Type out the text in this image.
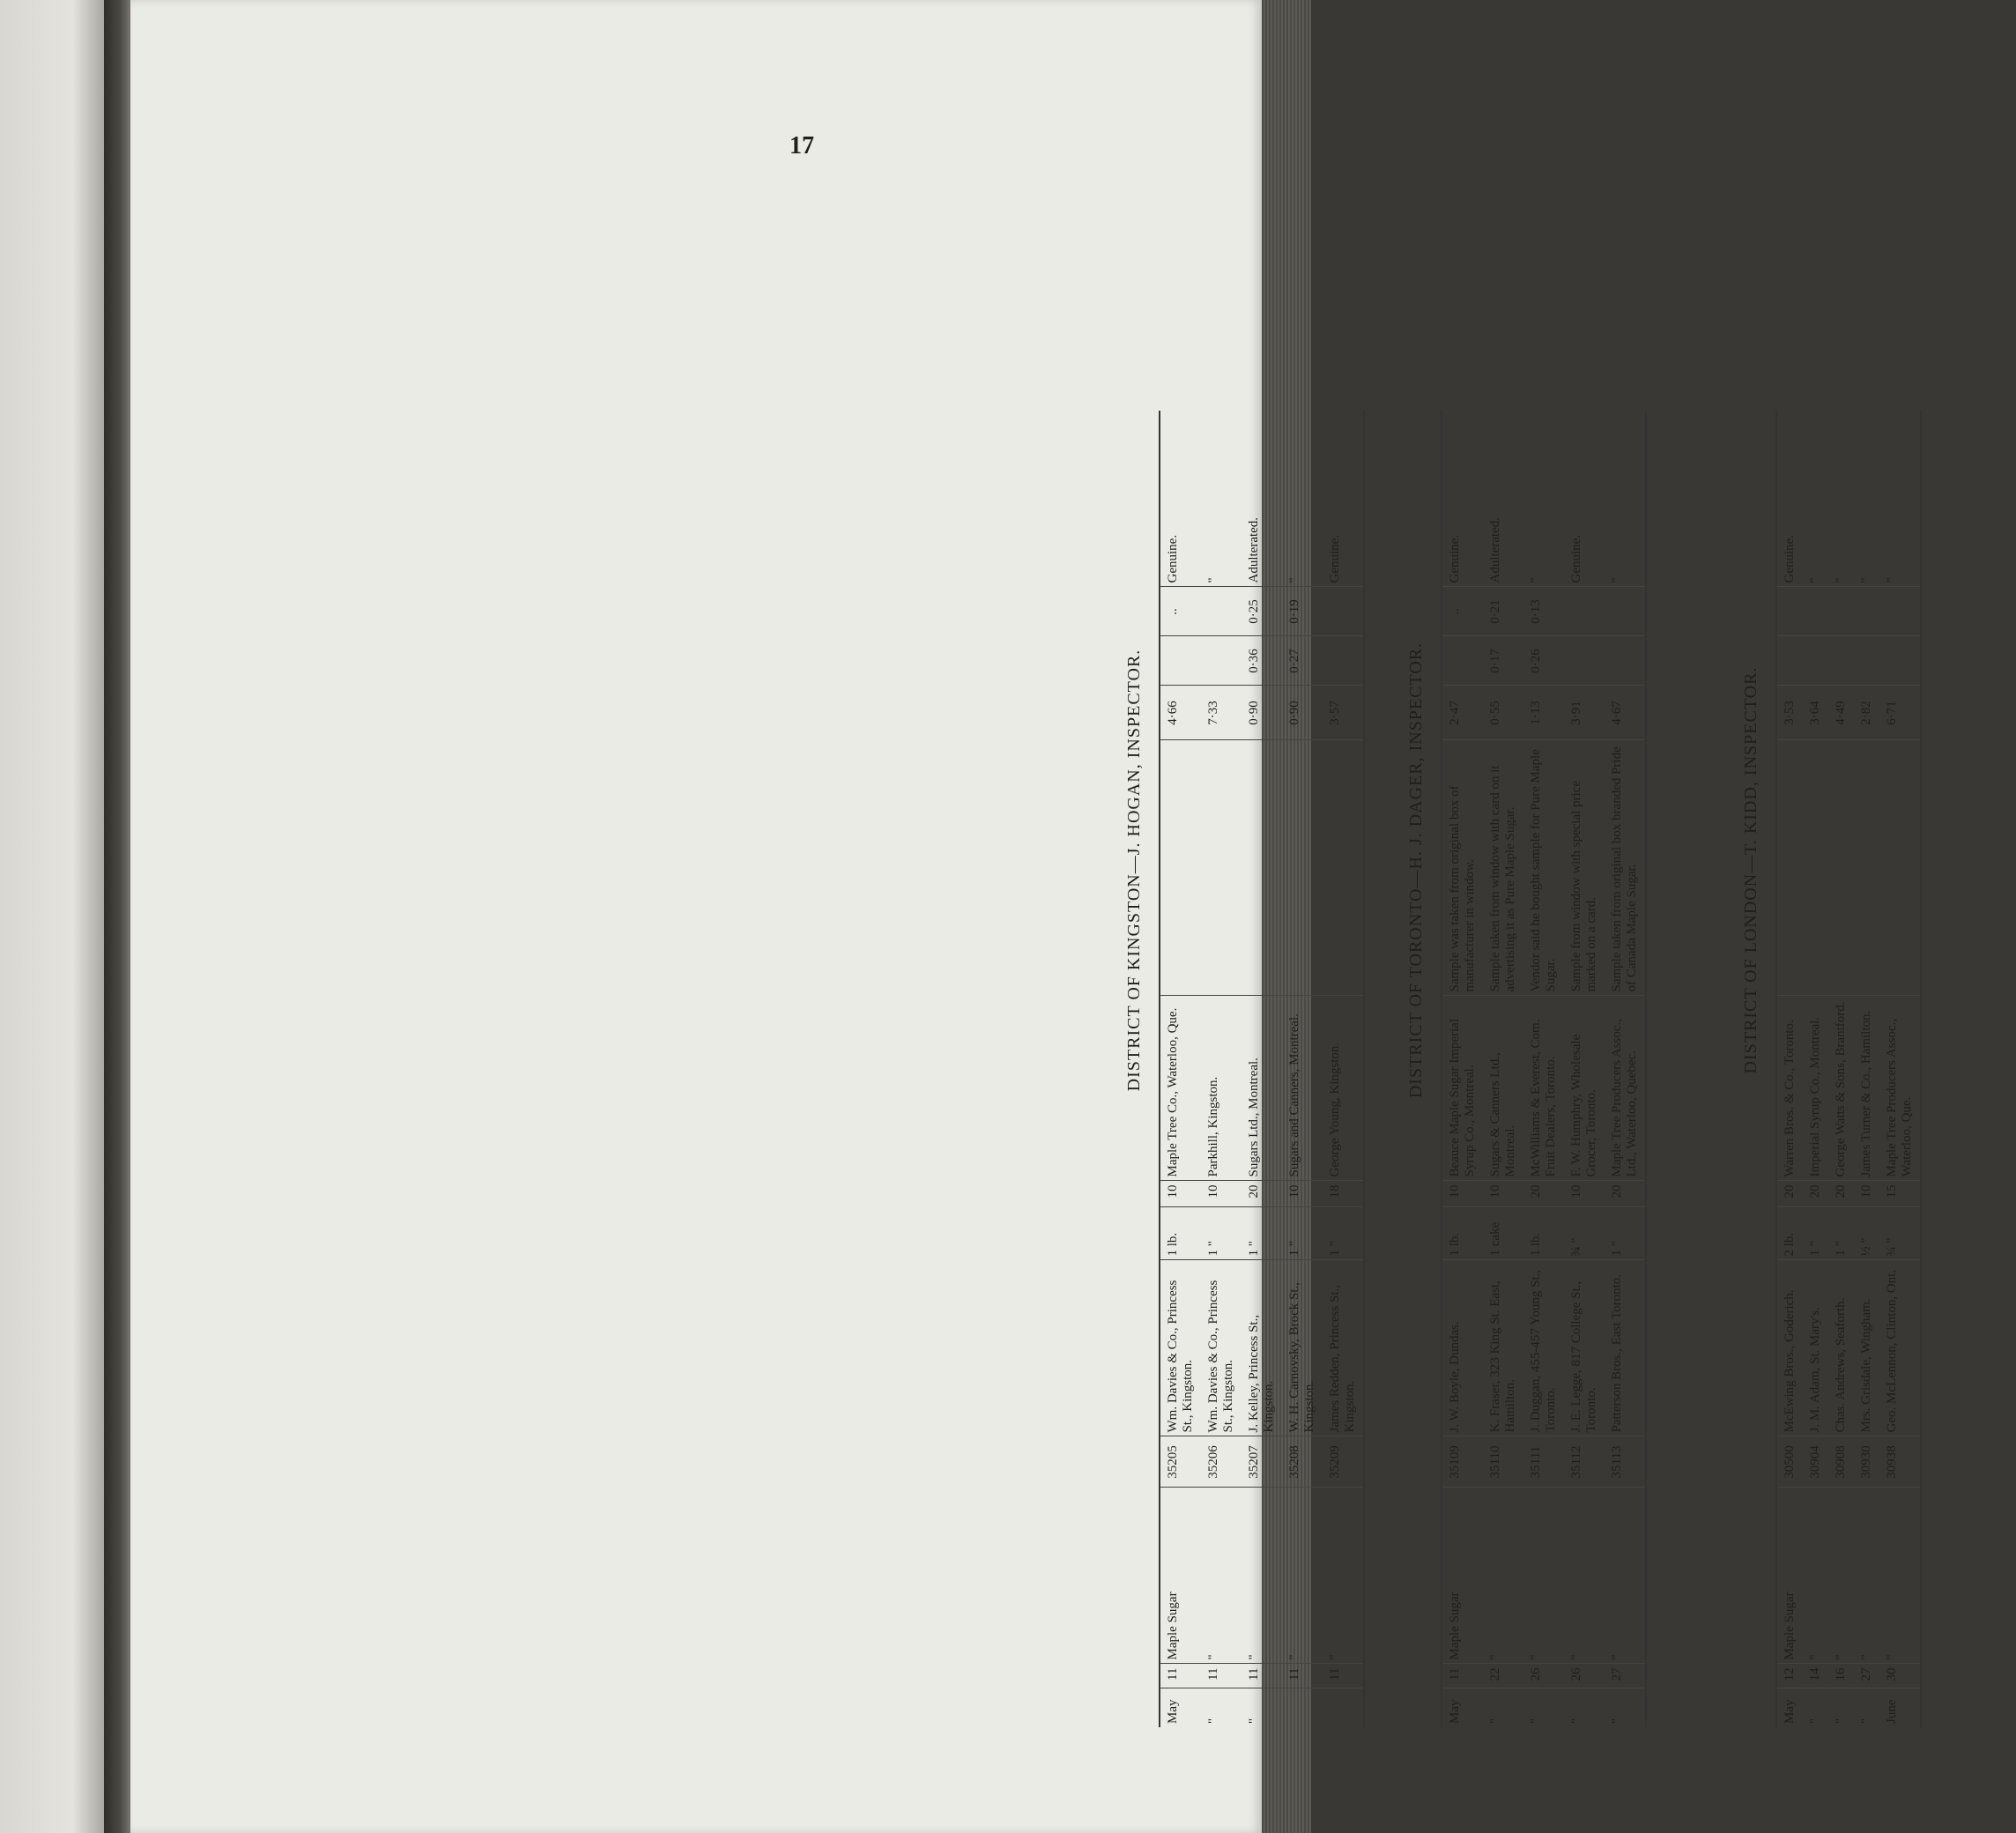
17
DISTRICT OF KINGSTON—J. HOGAN, INSPECTOR.
May	11	Maple Sugar	35205	Wm. Davies & Co., Princess St., Kingston.	1 lb.	10	Maple Tree Co., Waterloo, Que.		4·66		..	Genuine.
"	11	"	35206	Wm. Davies & Co., Princess St., Kingston.	1 "	10	Parkhill, Kingston.		7·33			"
"	11	"	35207	J. Kelley, Princess St., Kingston.	1 "	20	Sugars Ltd., Montreal.		0·90	0·36	0·25	Adulterated.
	11	"	35208	W. H. Carnovsky, Brock St., Kingston.	1 "	10	Sugars and Canners, Montreal.		0·90	0·27	0·19	"
	11	"	35209	James Redden, Princess St., Kingston.	1 "	18	George Young, Kingston.		3·57			Genuine.
DISTRICT OF TORONTO—H. J. DAGER, INSPECTOR.
May	11	Maple Sugar	35109	J. W. Boyle, Dundas.	1 lb.	10	Beauce Maple Sugar Imperial Syrup Co., Montreal.	Sample was taken from original box of manufacturer in window.	2·47		..	Genuine.
"	22	"	35110	K. Fraser, 323 King St. East, Hamilton.	1 cake	10	Sugars & Canners Ltd., Montreal.	Sample taken from window with card on it advertising it as Pure Maple Sugar.	0·55	0·17	0·21	Adulterated.
"	26	"	35111	J. Duggan, 455-457 Young St., Toronto.	1 lb.	20	McWilliams & Everest, Com. Fruit Dealers, Toronto.	Vendor said he bought sample for Pure Maple Sugar.	1·13	0·26	0·13	"
"	26	"	35112	J. E. Legge, 817 College St., Toronto.	¾ "	10	F. W. Humphry, Wholesale Grocer, Toronto.	Sample from window with special price marked on a card.	3·91			Genuine.
"	27	"	35113	Patterson Bros., East Toronto.	1 "	20	Maple Tree Producers Assoc., Ltd., Waterloo, Quebec.	Sample taken from original box branded Pride of Canada Maple Sugar.	4·67			"
DISTRICT OF LONDON—T. KIDD, INSPECTOR.
May	12	Maple Sugar	30500	McEwing Bros., Goderich.	2 lb.	20	Warren Bros. & Co., Toronto.		3·53			Genuine.
"	14	"	30904	J. M. Adam, St. Mary's.	1 "	20	Imperial Syrup Co., Montreal.		3·64			"
"	16	"	30908	Chas. Andrews, Seaforth.	1 "	20	George Watts & Sons, Brantford.		4·49			"
"	27	"	30930	Mrs. Grisdale, Wingham.	½ "	10	James Turner & Co., Hamilton.		2·82			"
June	30	"	30938	Geo. McLennon, Clinton, Ont.	¾ "	15	Maple Tree Producers Assoc., Waterloo, Que.		6·71			"
